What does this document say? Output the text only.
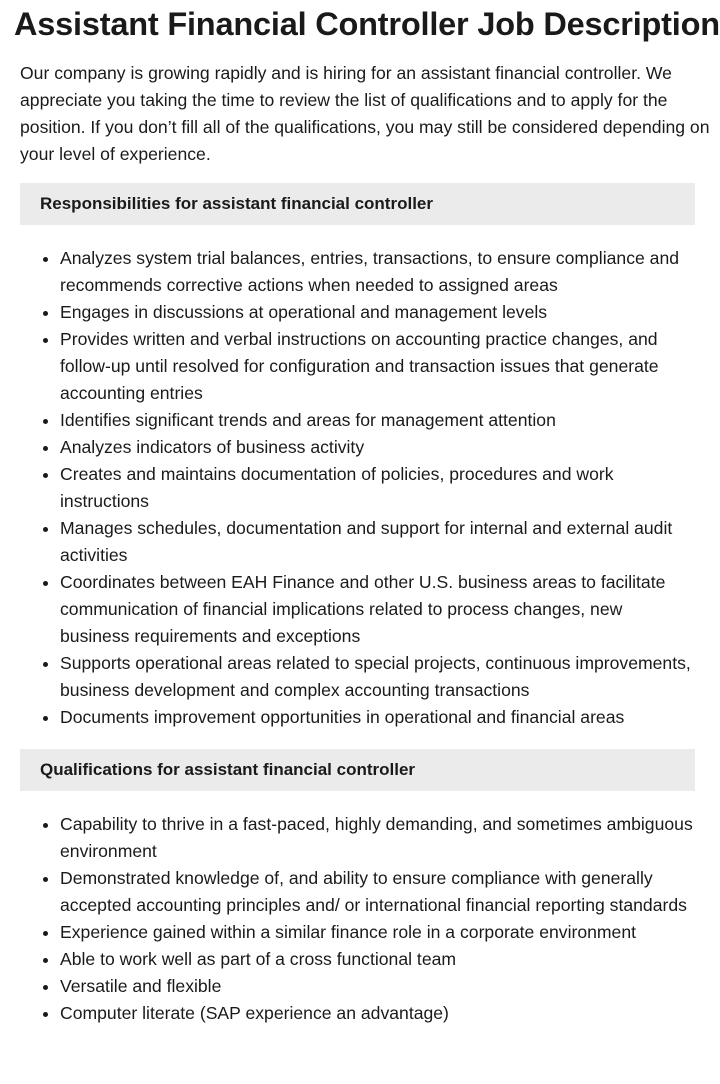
Assistant Financial Controller Job Description

Our company is growing rapidly and is hiring for an assistant financial controller. We appreciate you taking the time to review the list of qualifications and to apply for the position. If you don’t fill all of the qualifications, you may still be considered depending on your level of experience.

Responsibilities for assistant financial controller
• Analyzes system trial balances, entries, transactions, to ensure compliance and recommends corrective actions when needed to assigned areas
• Engages in discussions at operational and management levels
• Provides written and verbal instructions on accounting practice changes, and follow-up until resolved for configuration and transaction issues that generate accounting entries
• Identifies significant trends and areas for management attention
• Analyzes indicators of business activity
• Creates and maintains documentation of policies, procedures and work instructions
• Manages schedules, documentation and support for internal and external audit activities
• Coordinates between EAH Finance and other U.S. business areas to facilitate communication of financial implications related to process changes, new business requirements and exceptions
• Supports operational areas related to special projects, continuous improvements, business development and complex accounting transactions
• Documents improvement opportunities in operational and financial areas
Qualifications for assistant financial controller
• Capability to thrive in a fast-paced, highly demanding, and sometimes ambiguous environment
• Demonstrated knowledge of, and ability to ensure compliance with generally accepted accounting principles and/ or international financial reporting standards
• Experience gained within a similar finance role in a corporate environment
• Able to work well as part of a cross functional team
• Versatile and flexible
• Computer literate (SAP experience an advantage)
